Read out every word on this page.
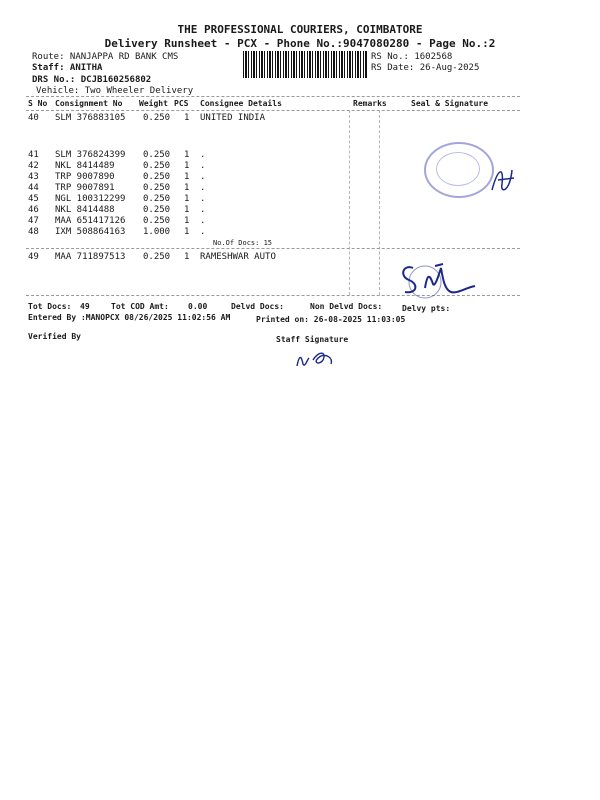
THE PROFESSIONAL COURIERS, COIMBATORE
Delivery Runsheet - PCX - Phone No.:9047080280 - Page No.:2
Route: NANJAPPA RD BANK CMS
Staff: ANITHA
DRS No.: DCJB160256802
Vehicle: Two Wheeler Delivery
RS No.: 1602568
RS Date: 26-Aug-2025
S No Consignment No Weight PCS Consignee Details	Remarks	Seal & Signature
40 SLM 376883105 0.250 1 UNITED INDIA
41 SLM 376824399 0.250 1 .
42 NKL 8414489	0.250 1 .
43 TRP 9007890	0.250 1 .
44 TRP 9007891	0.250 1 .
45 NGL 100312299 0.250 1 .
46 NKL 8414488	0.250 1 .
47 MAA 651417126 0.250 1 .
48 IXM 508864163 1.000 1 .
No.Of Docs: 15
49 MAA 711897513 0.250 1 RAMESHWAR AUTO
Tot Docs: 49	Tot COD Amt: 0.00	Delvd Docs:	Non Delvd Docs: Delvy pts:
Entered By :MANOPCX 08/26/2025 11:02:56 AM	Printed on: 26-08-2025 11:03:05
Verified By	Staff Signature
